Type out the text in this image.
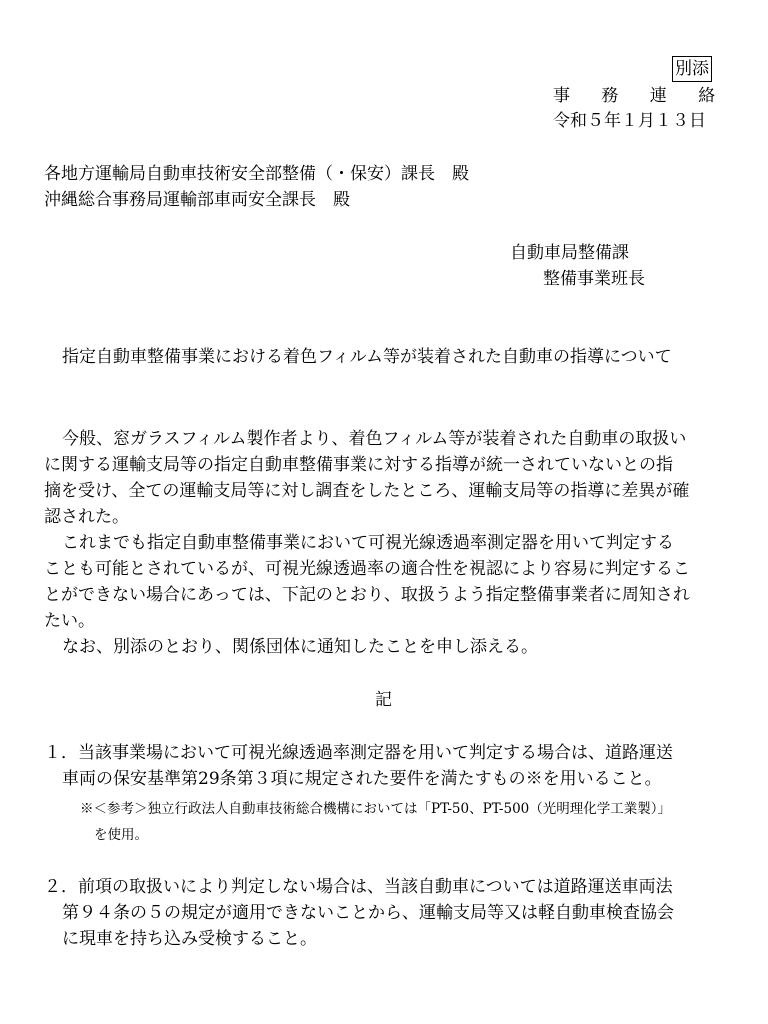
別添
事 務 連 絡
令和５年１月１３日
各地方運輸局自動車技術安全部整備（・保安）課長　殿
沖縄総合事務局運輸部車両安全課長　殿
自動車局整備課
整備事業班長
指定自動車整備事業における着色フィルム等が装着された自動車の指導について
今般、窓ガラスフィルム製作者より、着色フィルム等が装着された自動車の取扱い
に関する運輸支局等の指定自動車整備事業に対する指導が統一されていないとの指
摘を受け、全ての運輸支局等に対し調査をしたところ、運輸支局等の指導に差異が確
認された。
これまでも指定自動車整備事業において可視光線透過率測定器を用いて判定する
ことも可能とされているが、可視光線透過率の適合性を視認により容易に判定するこ
とができない場合にあっては、下記のとおり、取扱うよう指定整備事業者に周知され
たい。
なお、別添のとおり、関係団体に通知したことを申し添える。
記
１．当該事業場において可視光線透過率測定器を用いて判定する場合は、道路運送
車両の保安基準第29条第３項に規定された要件を満たすもの※を用いること。
※＜参考＞独立行政法人自動車技術総合機構においては「PT-50、PT-500（光明理化学工業製）」
を使用。
２．前項の取扱いにより判定しない場合は、当該自動車については道路運送車両法
第９４条の５の規定が適用できないことから、運輸支局等又は軽自動車検査協会
に現車を持ち込み受検すること。
